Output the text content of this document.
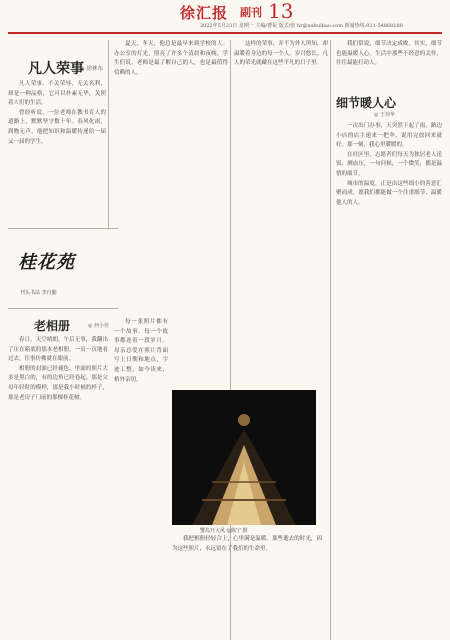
徐汇报 副刊 13
2022年5月23日 星期一 主编/曹祝 版式/张 hr@xuhuibao.com 新闻热线:021-54868188
凡人荣事
◎ 徐林东

凡人荣事，不关荣辱，无关名利，却是一种品格，它可以朴素无华，关照着人们的生活。

曾经听说，一位老师在教书育人的道路上，默默坚守数十年。春风化雨，润物无声，他把知识和温暖传递给一届又一届的学生。

夏天，冬天，他总是最早来到学校的人。办公室的灯光，照亮了许多个清晨和夜晚。学生们说，老师是最了解自己的人，也是最值得信赖的人。

这样的荣事，并不为外人所知，却温暖着身边的每一个人。岁月悠长，凡人的荣光就藏在这些平凡的日子里。

桂花苑
刊头书法 李自勤
老相册	◎ 何小佳

春日，天空晴朗，午后无事，我翻出了压在箱底的那本老相册，一页一页地看过去，往事仿佛就在眼前。

相册的封面已经褪色，里面的照片大多是黑白的，有的边角已经卷起。那是父母年轻时的模样，那是我小时候的样子，那是老房子门前的那棵桂花树。

每一张照片都有一个故事，每一个故事都连着一段岁月。母亲总爱在照片背面写上日期和地点，字迹工整，如今读来，格外亲切。

我把相册轻轻合上，心里满是温暖。那些逝去的时光，因为这些照片，永远留在了我们的生命里。

蟹岛开大风 ◎陈宁 摄
细节暖人心
◎ 王伟华

我们常说，细节决定成败。其实，细节也能温暖人心。生活中那些不经意的关怀，往往最能打动人。

一次出门办事，天突然下起了雨。路边小店的店主递来一把伞，说用完放回来就好。那一刻，我心里暖暖的。

在社区里，志愿者们每天为独居老人送饭、测血压，一句问候，一个微笑，都是温情的细节。

城市的温度，正是由这些细小的善意汇聚而成。愿我们都能做一个注重细节、温暖他人的人。
